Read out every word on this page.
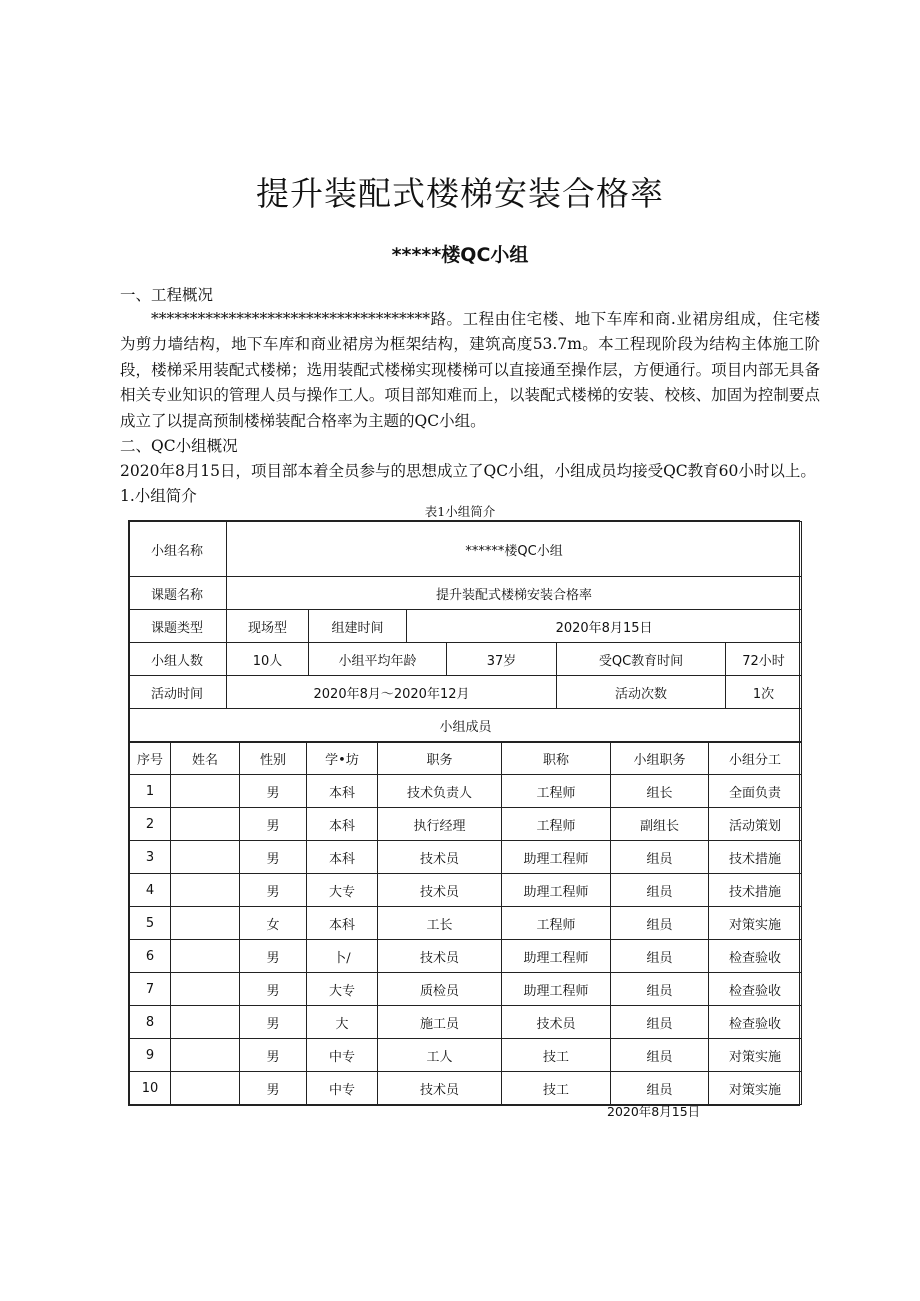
提升装配式楼梯安装合格率
*****楼QC小组
一、工程概况
************************************路。工程由住宅楼、地下车库和商.业裙房组成，住宅楼为剪力墙结构，地下车库和商业裙房为框架结构，建筑高度53.7m。本工程现阶段为结构主体施工阶段，楼梯采用装配式楼梯；选用装配式楼梯实现楼梯可以直接通至操作层，方便通行。项目内部无具备相关专业知识的管理人员与操作工人。项目部知难而上，以装配式楼梯的安装、校核、加固为控制要点成立了以提高预制楼梯装配合格率为主题的QC小组。
二、QC小组概况
2020年8月15日，项目部本着全员参与的思想成立了QC小组，小组成员均接受QC教育60小时以上。
1.小组简介
表1小组简介
小组名称	******楼QC小组					
课题名称	提升装配式楼梯安装合格率					
课题类型	现场型	组建时间	2020年8月15日			
小组人数	10人	小组平均年龄		37岁	受QC教育时间	72小时
活动时间	2020年8月～2020年12月				活动次数	1次
小组成员						
序号	姓名	性别	学•坊	职务	职称	小组职务	小组分工
1		男	本科	技术负责人	工程师	组长	全面负责
2		男	本科	执行经理	工程师	副组长	活动策划
3		男	本科	技术员	助理工程师	组员	技术措施
4		男	大专	技术员	助理工程师	组员	技术措施
5		女	本科	工长	工程师	组员	对策实施
6		男	卜/	技术员	助理工程师	组员	检查验收
7		男	大专	质检员	助理工程师	组员	检查验收
8		男	大	施工员	技术员	组员	检查验收
9		男	中专	工人	技工	组员	对策实施
10		男	中专	技术员	技工	组员	对策实施
2020年8月15日
